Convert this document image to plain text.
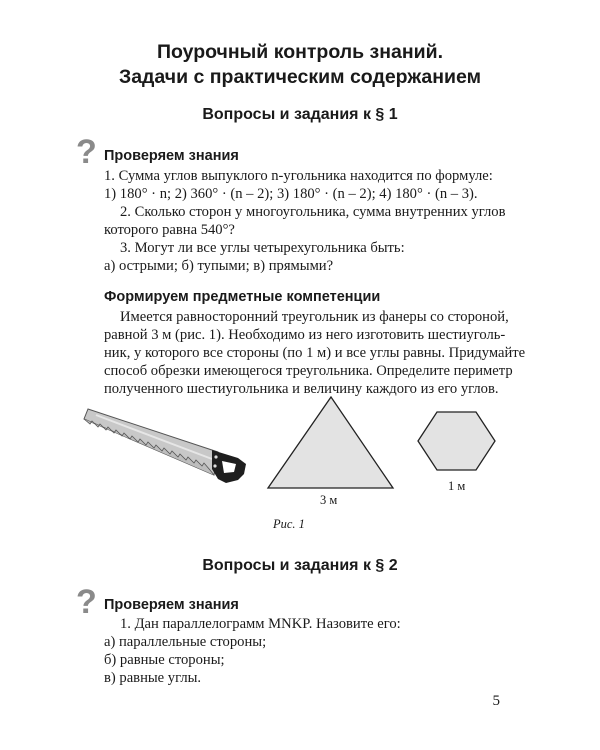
Поурочный контроль знаний.
Задачи с практическим содержанием
Вопросы и задания к § 1
? Проверяем знания
1. Сумма углов выпуклого n-угольника находится по формуле:
1) 180° · n; 2) 360° · (n – 2); 3) 180° · (n – 2); 4) 180° · (n – 3).
2. Сколько сторон у многоугольника, сумма внутренних углов
которого равна 540°?
3. Могут ли все углы четырехугольника быть:
а) острыми; б) тупыми; в) прямыми?
Формируем предметные компетенции
Имеется равносторонний треугольник из фанеры со стороной,
равной 3 м (рис. 1). Необходимо из него изготовить шестиуголь-
ник, у которого все стороны (по 1 м) и все углы равны. Придумайте
способ обрезки имеющегося треугольника. Определите периметр
полученного шестиугольника и величину каждого из его углов.
3 м
1 м
Рис. 1
Вопросы и задания к § 2
? Проверяем знания
1. Дан параллелограмм MNKP. Назовите его:
а) параллельные стороны;
б) равные стороны;
в) равные углы.
5
